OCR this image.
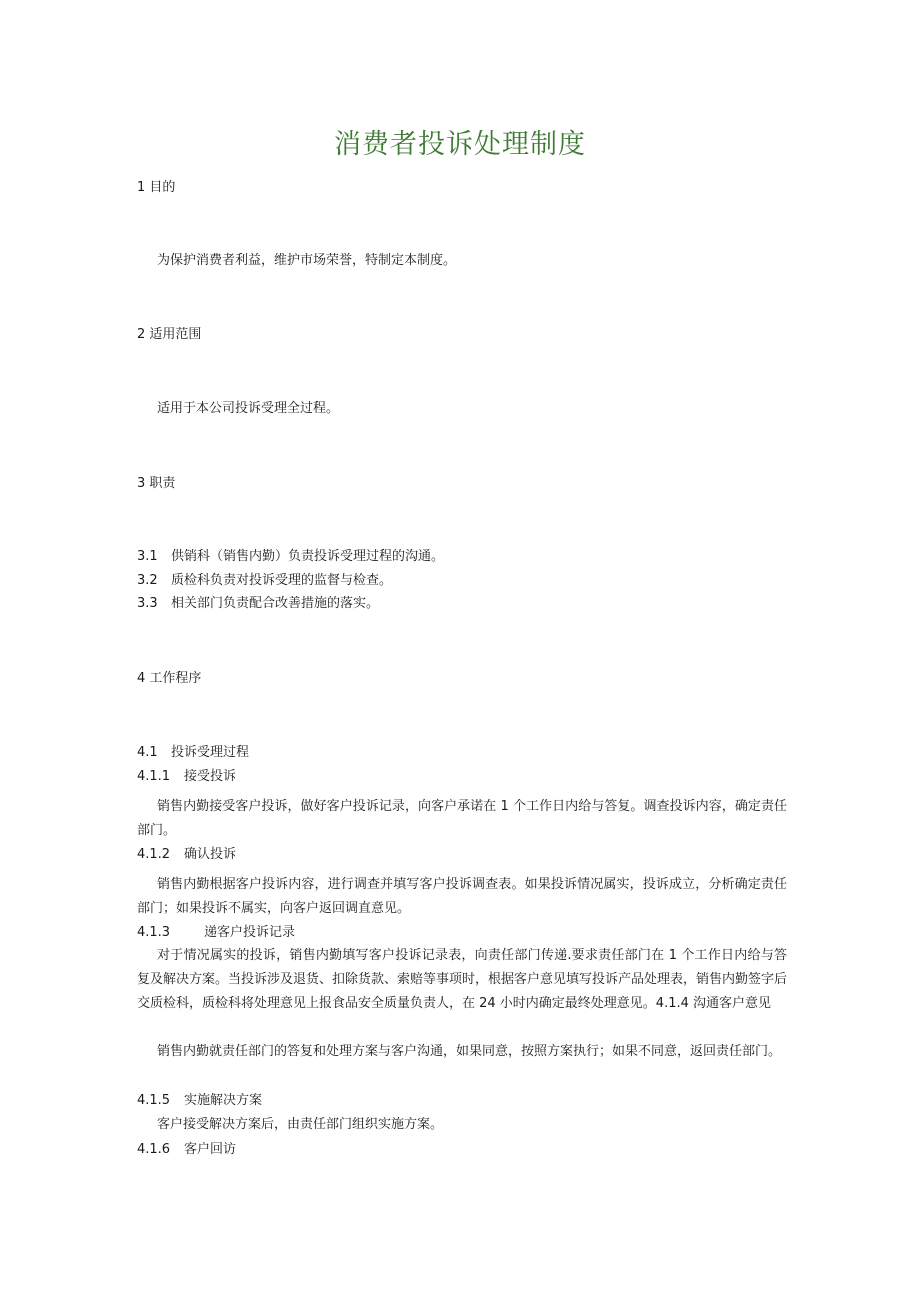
消费者投诉处理制度
1 目的
为保护消费者利益，维护市场荣誉，特制定本制度。
2 适用范围
适用于本公司投诉受理全过程。
3 职责
3.1 供销科（销售内勤）负责投诉受理过程的沟通。
3.2 质检科负责对投诉受理的监督与检查。
3.3 相关部门负责配合改善措施的落实。
4 工作程序
4.1 投诉受理过程
4.1.1 接受投诉
销售内勤接受客户投诉，做好客户投诉记录，向客户承诺在 1 个工作日内给与答复。调查投诉内容，确定责任部门。
4.1.2 确认投诉
销售内勤根据客户投诉内容，进行调查并填写客户投诉调查表。如果投诉情况属实，投诉成立，分析确定责任部门；如果投诉不属实，向客户返回调直意见。
4.1.3	递客户投诉记录
对于情况属实的投诉，销售内勤填写客户投诉记录表，向责任部门传递.要求责任部门在 1 个工作日内给与答复及解决方案。当投诉涉及退货、扣除货款、索赔等事项时，根据客户意见填写投诉产品处理表，销售内勤签字后交质检科，质检科将处理意见上报食品安全质量负责人，在 24 小时内确定最终处理意见。4.1.4 沟通客户意见
销售内勤就责任部门的答复和处理方案与客户沟通，如果同意，按照方案执行；如果不同意，返回责任部门。
4.1.5 实施解决方案
客户接受解决方案后，由责任部门组织实施方案。
4.1.6 客户回访
